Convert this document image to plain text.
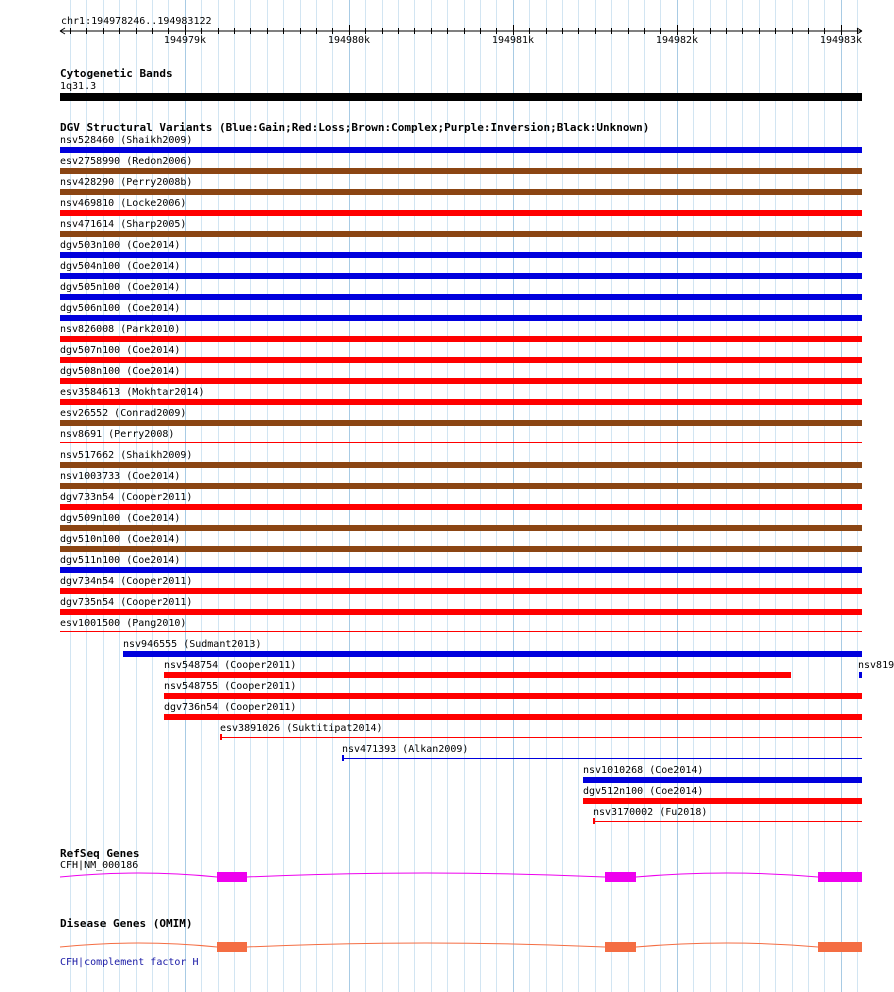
chr1:194978246..194983122
194979k	194980k	194981k	194982k	194983k
Cytogenetic Bands
1q31.3
DGV Structural Variants (Blue:Gain;Red:Loss;Brown:Complex;Purple:Inversion;Black:Unknown)
nsv528460 (Shaikh2009)
esv2758990 (Redon2006)
nsv428290 (Perry2008b)
nsv469810 (Locke2006)
nsv471614 (Sharp2005)
dgv503n100 (Coe2014)
dgv504n100 (Coe2014)
dgv505n100 (Coe2014)
dgv506n100 (Coe2014)
nsv826008 (Park2010)
dgv507n100 (Coe2014)
dgv508n100 (Coe2014)
esv3584613 (Mokhtar2014)
esv26552 (Conrad2009)
nsv8691 (Perry2008)
nsv517662 (Shaikh2009)
nsv1003733 (Coe2014)
dgv733n54 (Cooper2011)
dgv509n100 (Coe2014)
dgv510n100 (Coe2014)
dgv511n100 (Coe2014)
dgv734n54 (Cooper2011)
dgv735n54 (Cooper2011)
esv1001500 (Pang2010)
nsv946555 (Sudmant2013)
nsv548754 (Cooper2011)	nsv819
nsv548755 (Cooper2011)
dgv736n54 (Cooper2011)
esv3891026 (Suktitipat2014)
nsv471393 (Alkan2009)
nsv1010268 (Coe2014)
dgv512n100 (Coe2014)
nsv3170002 (Fu2018)
RefSeq Genes
CFH|NM_000186
Disease Genes (OMIM)
CFH|complement factor H
